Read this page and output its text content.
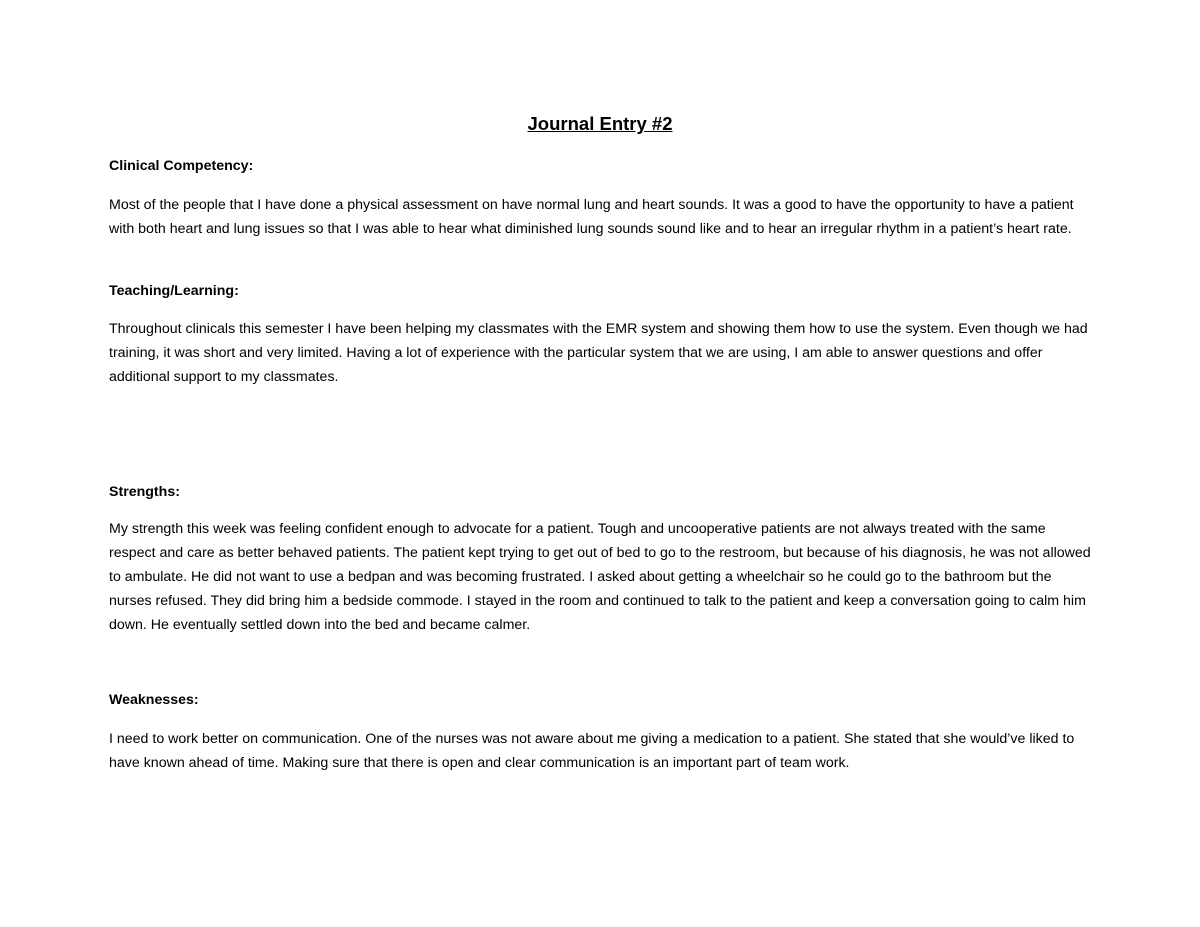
Journal Entry #2
Clinical Competency:

Most of the people that I have done a physical assessment on have normal lung and heart sounds. It was a good to have the opportunity to have a patient with both heart and lung issues so that I was able to hear what diminished lung sounds sound like and to hear an irregular rhythm in a patient’s heart rate.

Teaching/Learning:

Throughout clinicals this semester I have been helping my classmates with the EMR system and showing them how to use the system. Even though we had training, it was short and very limited. Having a lot of experience with the particular system that we are using, I am able to answer questions and offer additional support to my classmates.

Strengths:

My strength this week was feeling confident enough to advocate for a patient. Tough and uncooperative patients are not always treated with the same respect and care as better behaved patients. The patient kept trying to get out of bed to go to the restroom, but because of his diagnosis, he was not allowed to ambulate. He did not want to use a bedpan and was becoming frustrated. I asked about getting a wheelchair so he could go to the bathroom but the nurses refused. They did bring him a bedside commode. I stayed in the room and continued to talk to the patient and keep a conversation going to calm him down. He eventually settled down into the bed and became calmer.

Weaknesses:

I need to work better on communication. One of the nurses was not aware about me giving a medication to a patient. She stated that she would’ve liked to have known ahead of time. Making sure that there is open and clear communication is an important part of team work.
